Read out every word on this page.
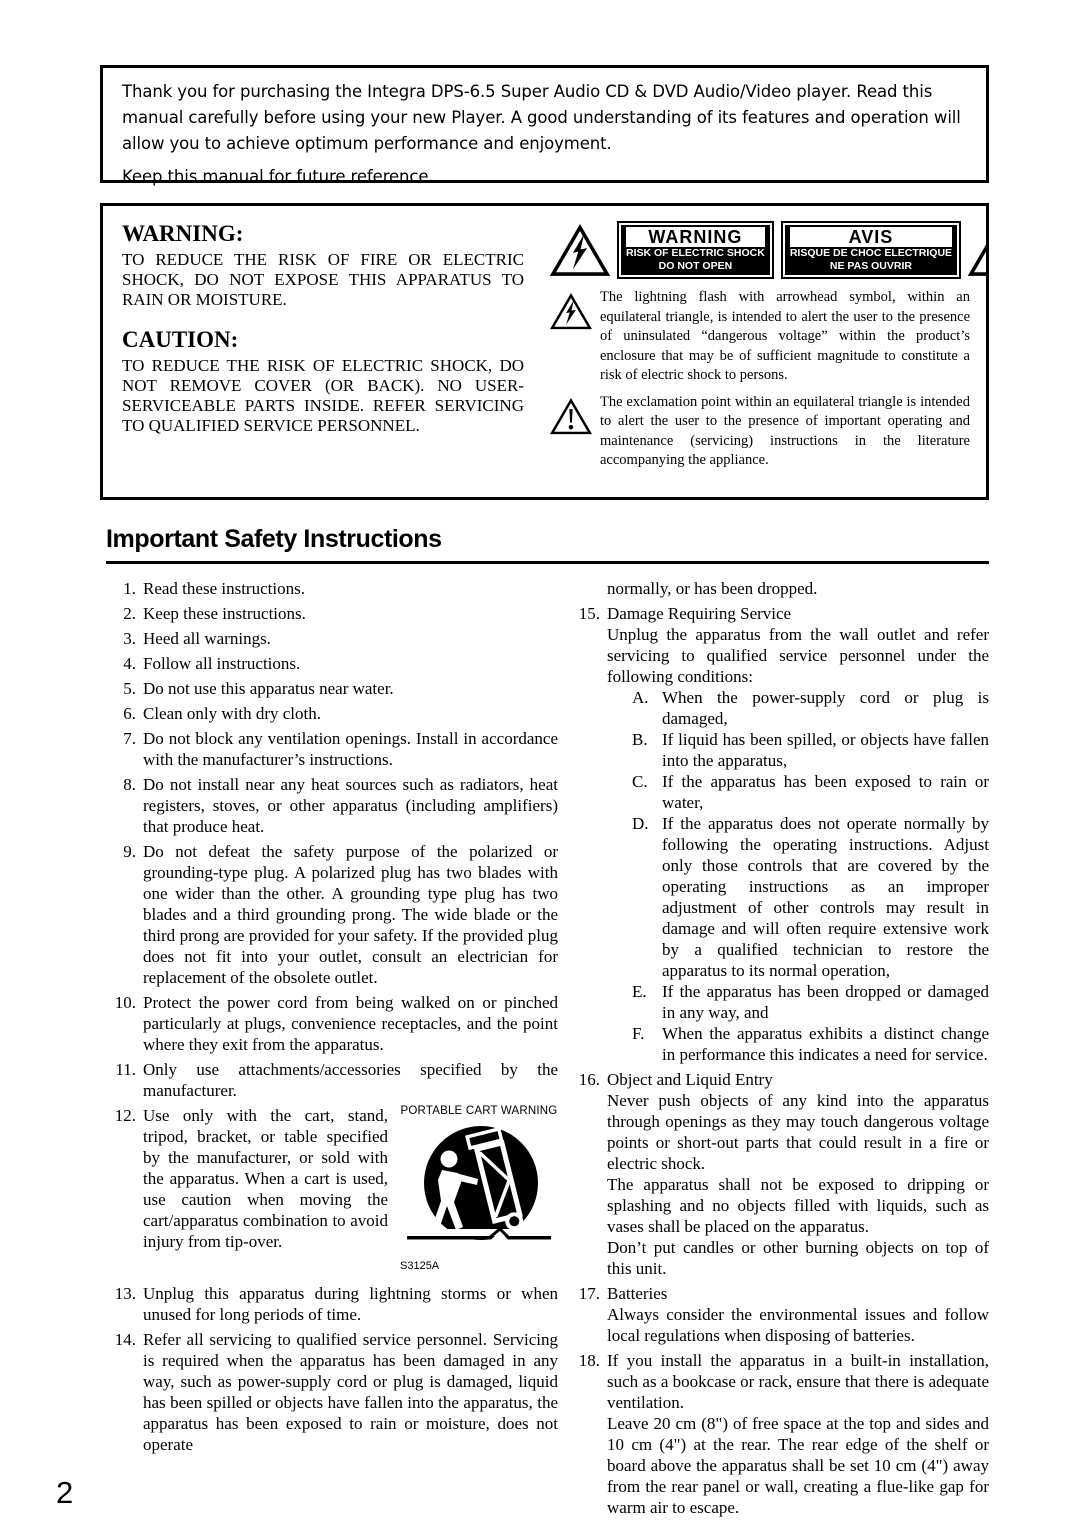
Thank you for purchasing the Integra DPS-6.5 Super Audio CD & DVD Audio/Video player. Read this manual carefully before using your new Player. A good understanding of its features and operation will allow you to achieve optimum performance and enjoyment.

Keep this manual for future reference.

WARNING:

TO REDUCE THE RISK OF FIRE OR ELECTRIC SHOCK, DO NOT EXPOSE THIS APPARATUS TO RAIN OR MOISTURE.

CAUTION:

TO REDUCE THE RISK OF ELECTRIC SHOCK, DO NOT REMOVE COVER (OR BACK). NO USER-SERVICEABLE PARTS INSIDE. REFER SERVICING TO QUALIFIED SERVICE PERSONNEL.

WARNING
RISK OF ELECTRIC SHOCK
DO NOT OPEN
AVIS
RISQUE DE CHOC ELECTRIQUE
NE PAS OUVRIR

The lightning flash with arrowhead symbol, within an equilateral triangle, is intended to alert the user to the presence of uninsulated “dangerous voltage” within the product’s enclosure that may be of sufficient magnitude to constitute a risk of electric shock to persons.

The exclamation point within an equilateral triangle is intended to alert the user to the presence of important operating and maintenance (servicing) instructions in the literature accompanying the appliance.

Important Safety Instructions
1. Read these instructions.
2. Keep these instructions.
3. Heed all warnings.
4. Follow all instructions.
5. Do not use this apparatus near water.
6. Clean only with dry cloth.
7. Do not block any ventilation openings. Install in accordance with the manufacturer’s instructions.
8. Do not install near any heat sources such as radiators, heat registers, stoves, or other apparatus (including amplifiers) that produce heat.
9. Do not defeat the safety purpose of the polarized or grounding-type plug. A polarized plug has two blades with one wider than the other. A grounding type plug has two blades and a third grounding prong. The wide blade or the third prong are provided for your safety. If the provided plug does not fit into your outlet, consult an electrician for replacement of the obsolete outlet.
10. Protect the power cord from being walked on or pinched particularly at plugs, convenience receptacles, and the point where they exit from the apparatus.
11. Only use attachments/accessories specified by the manufacturer.
12.	PORTABLE CART WARNING
S3125A
Use only with the cart, stand, tripod, bracket, or table specified by the manufacturer, or sold with the apparatus. When a cart is used, use caution when moving the cart/apparatus combination to avoid injury from tip-over.
13. Unplug this apparatus during lightning storms or when unused for long periods of time.
14. Refer all servicing to qualified service personnel. Servicing is required when the apparatus has been damaged in any way, such as power-supply cord or plug is damaged, liquid has been spilled or objects have fallen into the apparatus, the apparatus has been exposed to rain or moisture, does not operate

normally, or has been dropped.

15. Damage Requiring Service

Unplug the apparatus from the wall outlet and refer servicing to qualified service personnel under the following conditions:

A. When the power-supply cord or plug is damaged,
B. If liquid has been spilled, or objects have fallen into the apparatus,
C. If the apparatus has been exposed to rain or water,
D. If the apparatus does not operate normally by following the operating instructions. Adjust only those controls that are covered by the operating instructions as an improper adjustment of other controls may result in damage and will often require extensive work by a qualified technician to restore the apparatus to its normal operation,
E. If the apparatus has been dropped or damaged in any way, and
F.	When the apparatus exhibits a distinct change in performance this indicates a need for service.
16. Object and Liquid Entry

Never push objects of any kind into the apparatus through openings as they may touch dangerous voltage points or short-out parts that could result in a fire or electric shock.

The apparatus shall not be exposed to dripping or splashing and no objects filled with liquids, such as vases shall be placed on the apparatus.

Don’t put candles or other burning objects on top of this unit.

17. Batteries

Always consider the environmental issues and follow local regulations when disposing of batteries.

18. If you install the apparatus in a built-in installation, such as a bookcase or rack, ensure that there is adequate ventilation.

Leave 20 cm (8") of free space at the top and sides and 10 cm (4") at the rear. The rear edge of the shelf or board above the apparatus shall be set 10 cm (4") away from the rear panel or wall, creating a flue-like gap for warm air to escape.

2
